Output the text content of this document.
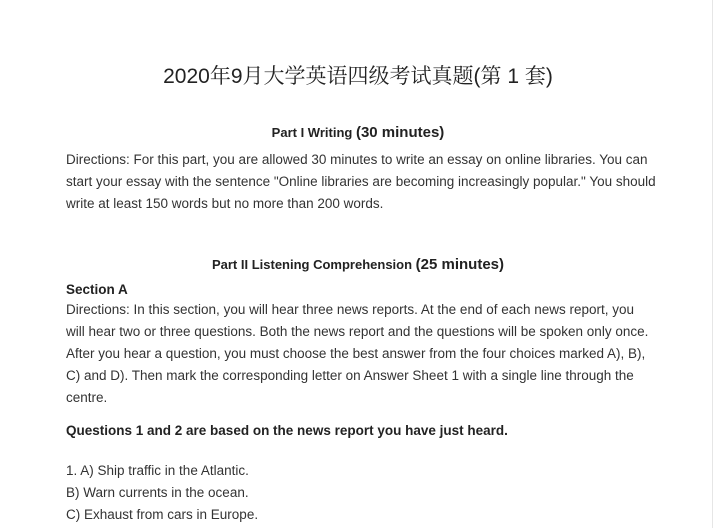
2020年9月大学英语四级考试真题(第 1 套)
Part I Writing (30 minutes)
Directions: For this part, you are allowed 30 minutes to write an essay on online libraries. You can start your essay with the sentence "Online libraries are becoming increasingly popular." You should write at least 150 words but no more than 200 words.
Part II Listening Comprehension (25 minutes)
Section A
Directions: In this section, you will hear three news reports. At the end of each news report, you will hear two or three questions. Both the news report and the questions will be spoken only once. After you hear a question, you must choose the best answer from the four choices marked A), B), C) and D). Then mark the corresponding letter on Answer Sheet 1 with a single line through the centre.
Questions 1 and 2 are based on the news report you have just heard.
1. A) Ship traffic in the Atlantic.
B) Warn currents in the ocean.
C) Exhaust from cars in Europe.
